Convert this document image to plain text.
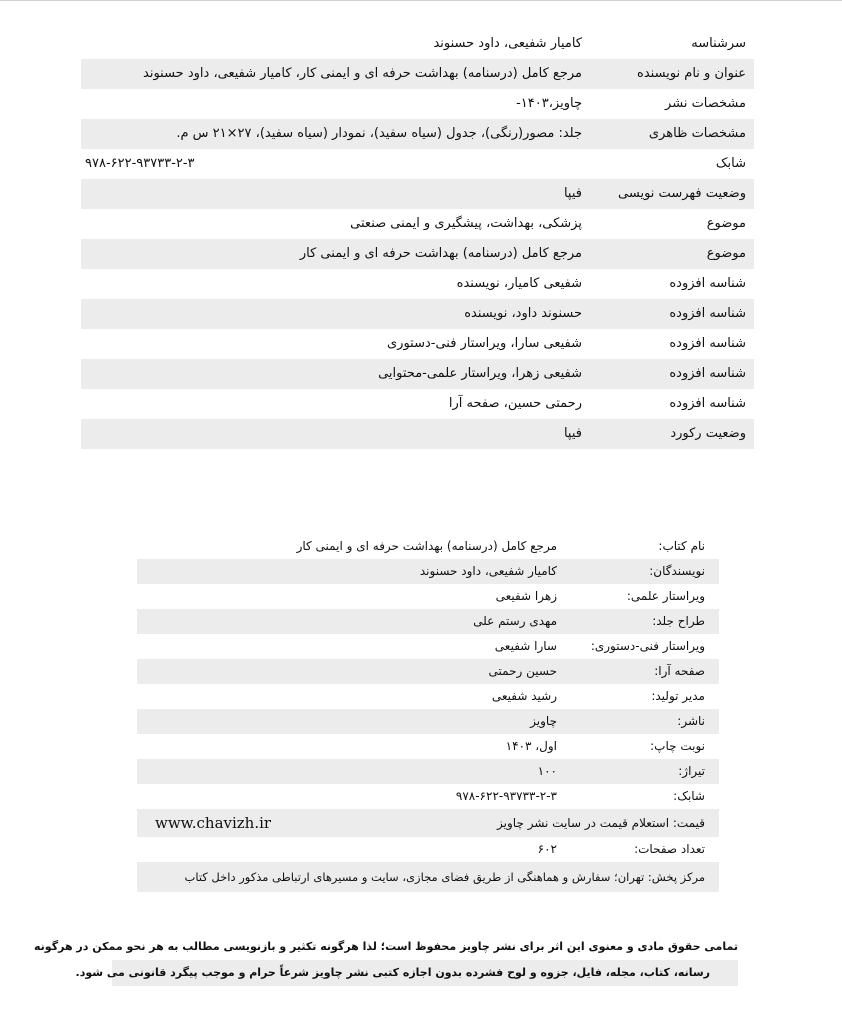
سرشناسه
کامیار شفیعی، داود حسنوند
عنوان و نام نویسنده
مرجع کامل (درسنامه) بهداشت حرفه ای و ایمنی کار، کامیار شفیعی، داود حسنوند
مشخصات نشر
چاویز،۱۴۰۳-
مشخصات ظاهری
جلد: مصور(رنگی)، جدول (سیاه سفید)، نمودار (سیاه سفید)، ۲۷×۲۱ س م.
شابک
۹۷۸-۶۲۲-۹۳۷۳۳-۲-۳
وضعیت فهرست نویسی
فیپا
موضوع
پزشکی، بهداشت، پیشگیری و ایمنی صنعتی
موضوع
مرجع کامل (درسنامه) بهداشت حرفه ای و ایمنی کار
شناسه افزوده
شفیعی کامیار، نویسنده
شناسه افزوده
حسنوند داود، نویسنده
شناسه افزوده
شفیعی سارا، ویراستار فنی-دستوری
شناسه افزوده
شفیعی زهرا، ویراستار علمی-محتوایی
شناسه افزوده
رحمتی حسین، صفحه آرا
وضعیت رکورد
فیپا
نام کتاب:
مرجع کامل (درسنامه) بهداشت حرفه ای و ایمنی کار
نویسندگان:
کامیار شفیعی، داود حسنوند
ویراستار علمی:
زهرا شفیعی
طراح جلد:
مهدی رستم علی
ویراستار فنی-دستوری:
سارا شفیعی
صفحه آرا:
حسین رحمتی
مدیر تولید:
رشید شفیعی
ناشر:
چاویز
نوبت چاپ:
اول، ۱۴۰۳
تیراژ:
۱۰۰
شابک:
۹۷۸-۶۲۲-۹۳۷۳۳-۲-۳
قیمت: استعلام قیمت در سایت نشر چاویز
www.chavizh.ir
تعداد صفحات:
۶۰۲
مرکز پخش: تهران؛ سفارش و هماهنگی از طریق فضای مجازی، سایت و مسیرهای ارتباطی مذکور داخل کتاب
تمامی حقوق مادی و معنوی این اثر برای نشر چاویز محفوظ است؛ لذا هرگونه تکثیر و بازنویسی مطالب به هر نحو ممکن در هرگونه
رسانه، کتاب، مجله، فایل، جزوه و لوح فشرده بدون اجازه کتبی نشر چاویز شرعاً حرام و موجب پیگرد قانونی می شود.
